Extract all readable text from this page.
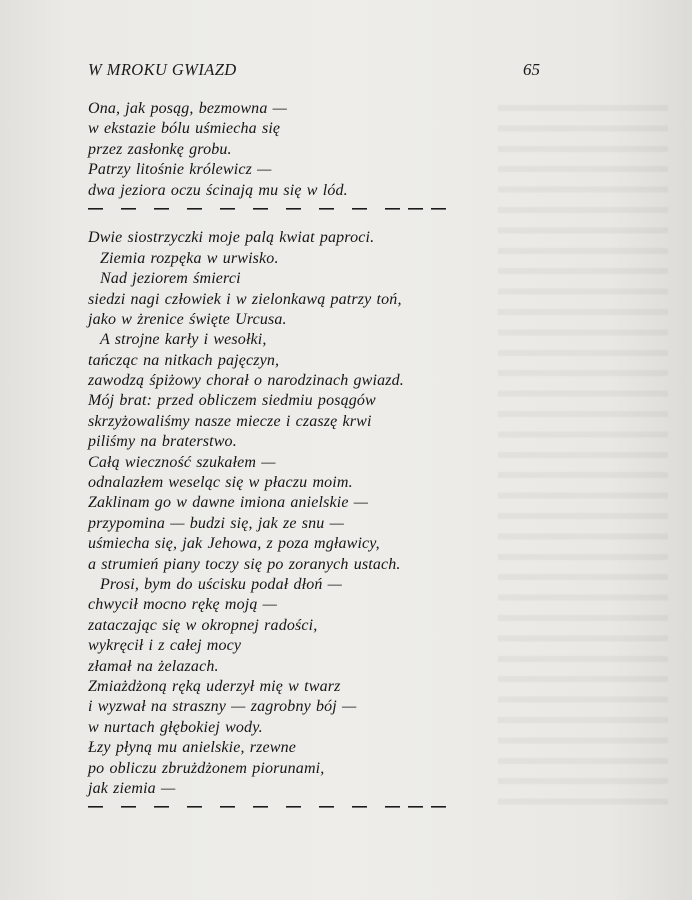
W MROKU GWIAZD	65
Ona, jak posąg, bezmowna —
w ekstazie bólu uśmiecha się
przez zasłonkę grobu.
Patrzy litośnie królewicz —
dwa jeziora oczu ścinają mu się w lód.
Dwie siostrzyczki moje palą kwiat paproci.
Ziemia rozpęka w urwisko.
Nad jeziorem śmierci
siedzi nagi człowiek i w zielonkawą patrzy toń,
jako w żrenice święte Urcusa.
A strojne karły i wesołki,
tańcząc na nitkach pajęczyn,
zawodzą śpiżowy chorał o narodzinach gwiazd.
Mój brat: przed obliczem siedmiu posągów
skrzyżowaliśmy nasze miecze i czaszę krwi
piliśmy na braterstwo.
Całą wieczność szukałem —
odnalazłem weseląc się w płaczu moim.
Zaklinam go w dawne imiona anielskie —
przypomina — budzi się, jak ze snu —
uśmiecha się, jak Jehowa, z poza mgławicy,
a strumień piany toczy się po zoranych ustach.
Prosi, bym do uścisku podał dłoń —
chwycił mocno rękę moją —
zataczając się w okropnej radości,
wykręcił i z całej mocy
złamał na żelazach.
Zmiażdżoną ręką uderzył mię w twarz
i wyzwał na straszny — zagrobny bój —
w nurtach głębokiej wody.
Łzy płyną mu anielskie, rzewne
po obliczu zbrużdżonem piorunami,
jak ziemia —
